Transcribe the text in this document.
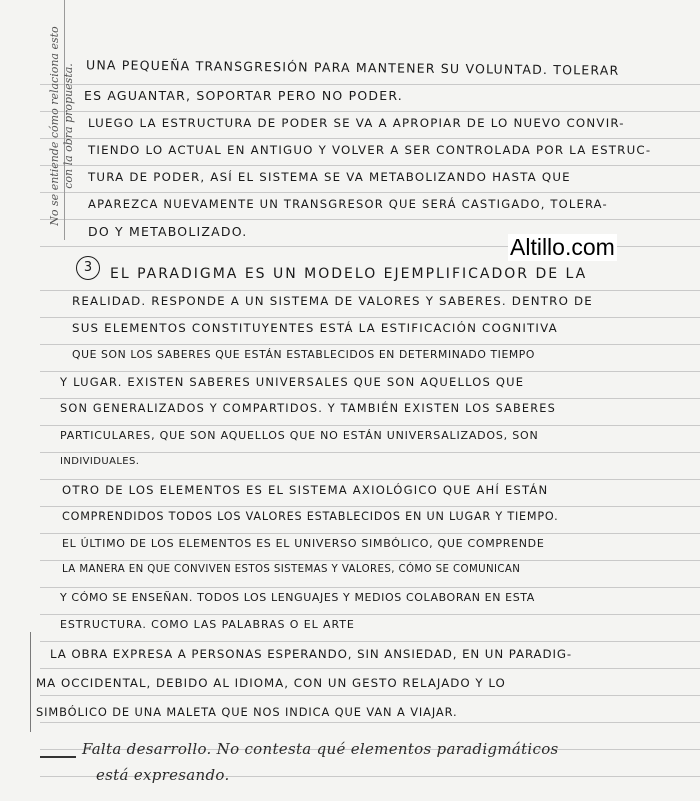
No se entiende cómo relaciona esto con la obra propuesta.
Altillo.com
3
UNA PEQUEÑA TRANSGRESIÓN PARA MANTENER SU VOLUNTAD. TOLERAR
ES AGUANTAR, SOPORTAR PERO NO PODER.
LUEGO LA ESTRUCTURA DE PODER SE VA A APROPIAR DE LO NUEVO CONVIR-
TIENDO LO ACTUAL EN ANTIGUO Y VOLVER A SER CONTROLADA POR LA ESTRUC-
TURA DE PODER, ASÍ EL SISTEMA SE VA METABOLIZANDO HASTA QUE
APAREZCA NUEVAMENTE UN TRANSGRESOR QUE SERÁ CASTIGADO, TOLERA-
DO Y METABOLIZADO.
EL PARADIGMA ES UN MODELO EJEMPLIFICADOR DE LA
REALIDAD. RESPONDE A UN SISTEMA DE VALORES Y SABERES. DENTRO DE
SUS ELEMENTOS CONSTITUYENTES ESTÁ LA ESTIFICACIÓN COGNITIVA
QUE SON LOS SABERES QUE ESTÁN ESTABLECIDOS EN DETERMINADO TIEMPO
Y LUGAR. EXISTEN SABERES UNIVERSALES QUE SON AQUELLOS QUE
SON GENERALIZADOS Y COMPARTIDOS. Y TAMBIÉN EXISTEN LOS SABERES
PARTICULARES, QUE SON AQUELLOS QUE NO ESTÁN UNIVERSALIZADOS, SON
INDIVIDUALES.
OTRO DE LOS ELEMENTOS ES EL SISTEMA AXIOLÓGICO QUE AHÍ ESTÁN
COMPRENDIDOS TODOS LOS VALORES ESTABLECIDOS EN UN LUGAR Y TIEMPO.
EL ÚLTIMO DE LOS ELEMENTOS ES EL UNIVERSO SIMBÓLICO, QUE COMPRENDE
LA MANERA EN QUE CONVIVEN ESTOS SISTEMAS Y VALORES, CÓMO SE COMUNICAN
Y CÓMO SE ENSEÑAN. TODOS LOS LENGUAJES Y MEDIOS COLABORAN EN ESTA
ESTRUCTURA. COMO LAS PALABRAS O EL ARTE
LA OBRA EXPRESA A PERSONAS ESPERANDO, SIN ANSIEDAD, EN UN PARADIG-
MA OCCIDENTAL, DEBIDO AL IDIOMA, CON UN GESTO RELAJADO Y LO
SIMBÓLICO DE UNA MALETA QUE NOS INDICA QUE VAN A VIAJAR.
Falta desarrollo. No contesta qué elementos paradigmáticos
está expresando.
